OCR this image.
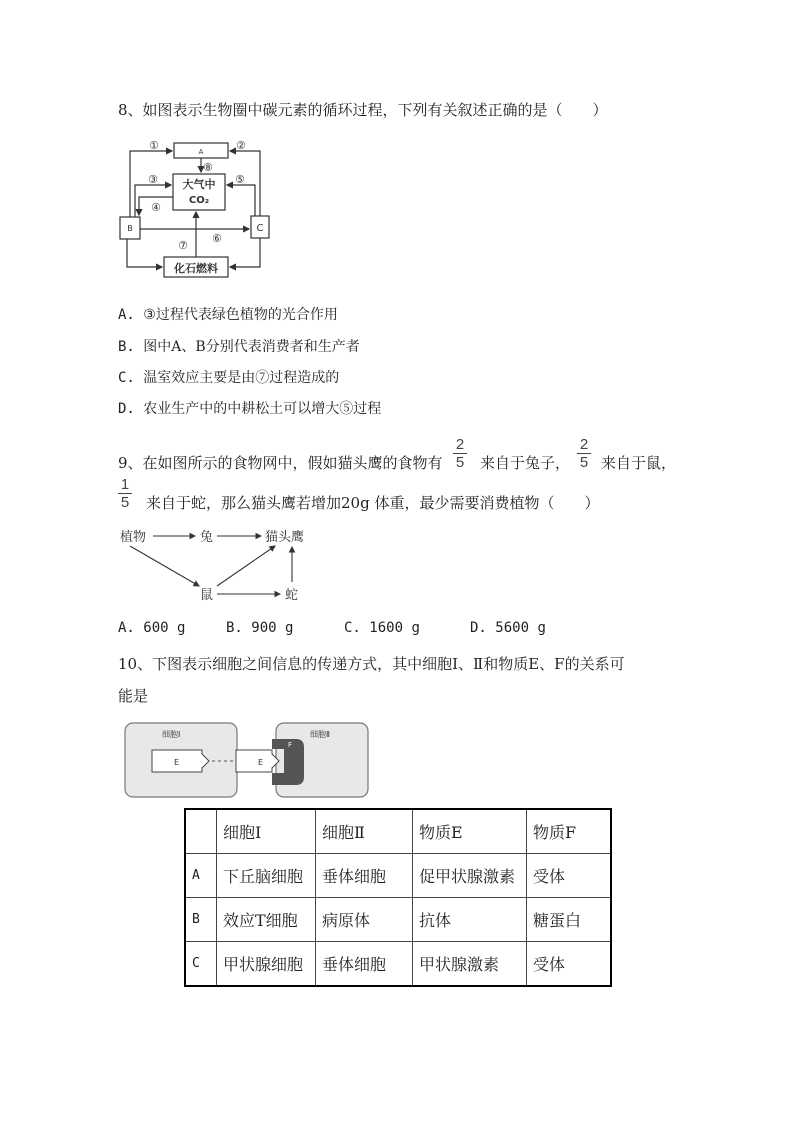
8、如图表示生物圈中碳元素的循环过程，下列有关叙述正确的是（　　）
A
大气中
CO₂
B	C
化石燃料
①	②
③
④
⑤
⑥
⑦
⑧
A. ③过程代表绿色植物的光合作用
B. 图中A、B分别代表消费者和生产者
C. 温室效应主要是由⑦过程造成的
D. 农业生产中的中耕松土可以增大⑤过程
9、在如图所示的食物网中，假如猫头鹰的食物有
2
5 来自于兔子，
2
5 来自于鼠，
1
5 来自于蛇，那么猫头鹰若增加20g 体重，最少需要消费植物（　　）
植物	兔	猫头鹰
鼠	蛇
A. 600 g	B. 900 g	C. 1600 g	D. 5600 g
10、下图表示细胞之间信息的传递方式，其中细胞Ⅰ、Ⅱ和物质E、F的关系可
能是
细胞Ⅰ
E
细胞Ⅱ
F
E
	细胞Ⅰ	细胞Ⅱ	物质E	物质F
A	下丘脑细胞	垂体细胞	促甲状腺激素	受体
B	效应T细胞	病原体	抗体	糖蛋白
C	甲状腺细胞	垂体细胞	甲状腺激素	受体
